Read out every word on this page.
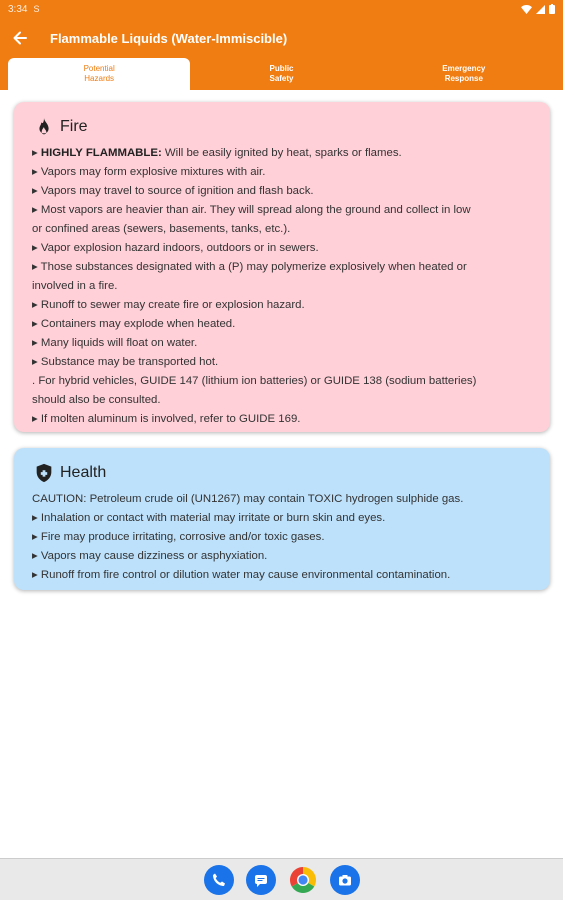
3:34 S
Flammable Liquids (Water-Immiscible)
Potential
Hazards
Public
Safety
Emergency
Response
Fire
▸ HIGHLY FLAMMABLE: Will be easily ignited by heat, sparks or flames.
▸ Vapors may form explosive mixtures with air.
▸ Vapors may travel to source of ignition and flash back.
▸ Most vapors are heavier than air. They will spread along the ground and collect in low
or confined areas (sewers, basements, tanks, etc.).
▸ Vapor explosion hazard indoors, outdoors or in sewers.
▸ Those substances designated with a (P) may polymerize explosively when heated or
involved in a fire.
▸ Runoff to sewer may create fire or explosion hazard.
▸ Containers may explode when heated.
▸ Many liquids will float on water.
▸ Substance may be transported hot.
. For hybrid vehicles, GUIDE 147 (lithium ion batteries) or GUIDE 138 (sodium batteries)
should also be consulted.
▸ If molten aluminum is involved, refer to GUIDE 169.
Health
CAUTION: Petroleum crude oil (UN1267) may contain TOXIC hydrogen sulphide gas.
▸ Inhalation or contact with material may irritate or burn skin and eyes.
▸ Fire may produce irritating, corrosive and/or toxic gases.
▸ Vapors may cause dizziness or asphyxiation.
▸ Runoff from fire control or dilution water may cause environmental contamination.
